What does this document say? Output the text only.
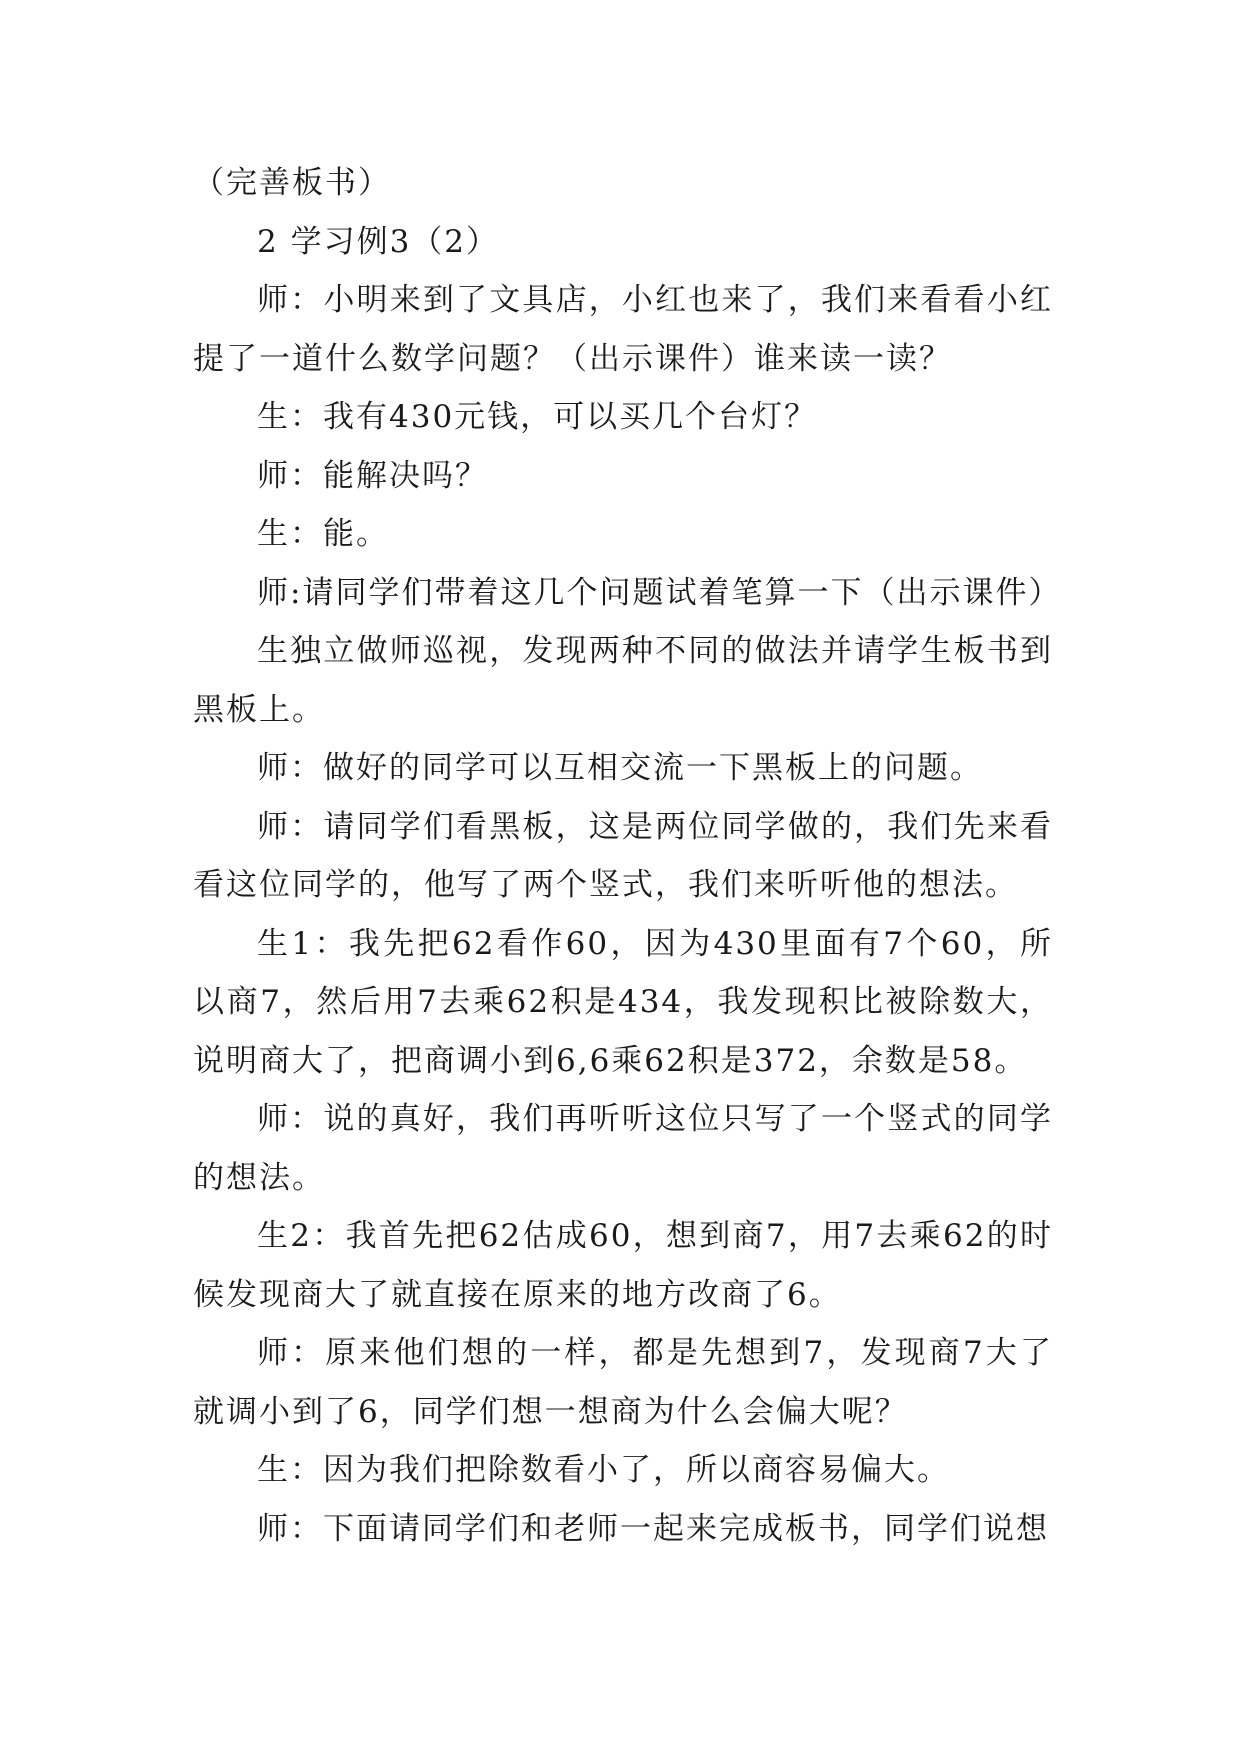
（完善板书）

2 学习例3（2）

师：小明来到了文具店，小红也来了，我们来看看小红提了一道什么数学问题？（出示课件）谁来读一读？

生：我有430元钱，可以买几个台灯？

师：能解决吗？

生：能。

师:请同学们带着这几个问题试着笔算一下（出示课件）

生独立做师巡视，发现两种不同的做法并请学生板书到黑板上。

师：做好的同学可以互相交流一下黑板上的问题。

师：请同学们看黑板，这是两位同学做的，我们先来看看这位同学的，他写了两个竖式，我们来听听他的想法。

生1：我先把62看作60，因为430里面有7个60，所以商7，然后用7去乘62积是434，我发现积比被除数大，说明商大了，把商调小到6,6乘62积是372，余数是58。

师：说的真好，我们再听听这位只写了一个竖式的同学的想法。

生2：我首先把62估成60，想到商7，用7去乘62的时候发现商大了就直接在原来的地方改商了6。

师：原来他们想的一样，都是先想到7，发现商7大了就调小到了6，同学们想一想商为什么会偏大呢？

生：因为我们把除数看小了，所以商容易偏大。

师：下面请同学们和老师一起来完成板书，同学们说想
